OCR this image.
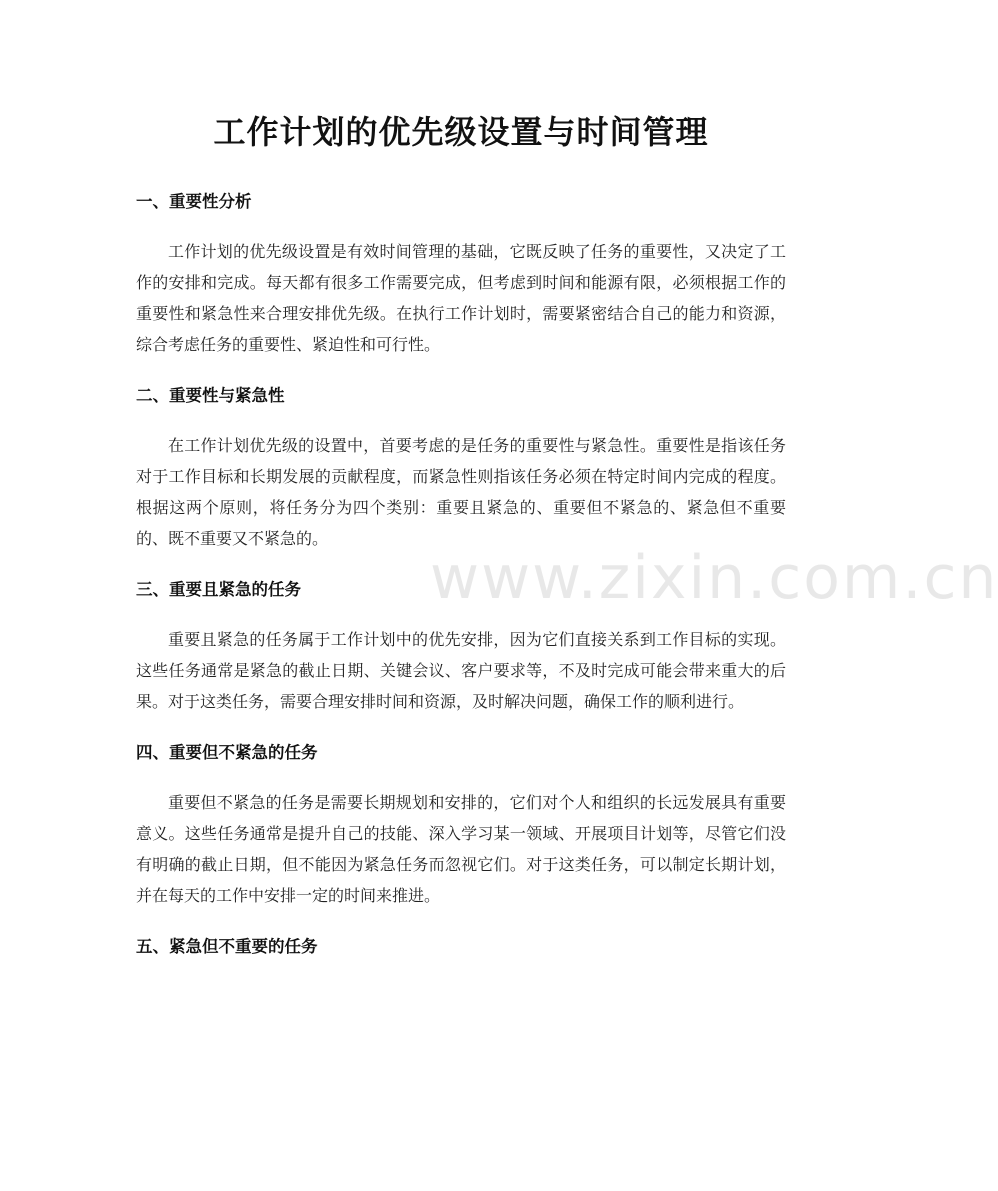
工作计划的优先级设置与时间管理
一、重要性分析

工作计划的优先级设置是有效时间管理的基础，它既反映了任务的重要性，又决定了工作的安排和完成。每天都有很多工作需要完成，但考虑到时间和能源有限，必须根据工作的重要性和紧急性来合理安排优先级。在执行工作计划时，需要紧密结合自己的能力和资源，综合考虑任务的重要性、紧迫性和可行性。

二、重要性与紧急性

在工作计划优先级的设置中，首要考虑的是任务的重要性与紧急性。重要性是指该任务对于工作目标和长期发展的贡献程度，而紧急性则指该任务必须在特定时间内完成的程度。根据这两个原则，将任务分为四个类别：重要且紧急的、重要但不紧急的、紧急但不重要的、既不重要又不紧急的。

三、重要且紧急的任务

重要且紧急的任务属于工作计划中的优先安排，因为它们直接关系到工作目标的实现。这些任务通常是紧急的截止日期、关键会议、客户要求等，不及时完成可能会带来重大的后果。对于这类任务，需要合理安排时间和资源，及时解决问题，确保工作的顺利进行。

四、重要但不紧急的任务

重要但不紧急的任务是需要长期规划和安排的，它们对个人和组织的长远发展具有重要意义。这些任务通常是提升自己的技能、深入学习某一领域、开展项目计划等，尽管它们没有明确的截止日期，但不能因为紧急任务而忽视它们。对于这类任务，可以制定长期计划，并在每天的工作中安排一定的时间来推进。

五、紧急但不重要的任务
www.zixin.com.cn
